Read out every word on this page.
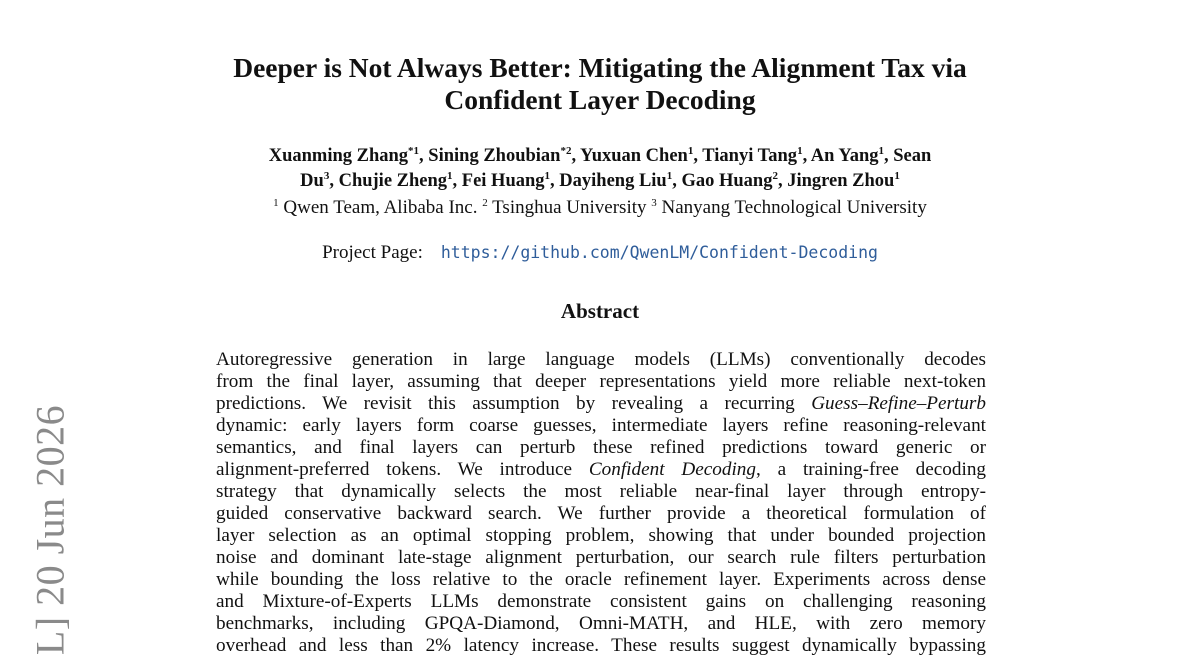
L] 20 Jun 2026
Deeper is Not Always Better: Mitigating the Alignment Tax via
Confident Layer Decoding
Xuanming Zhang$^{*1}$, Sining Zhoubian$^{*2}$, Yuxuan Chen$^1$, Tianyi Tang$^1$, An Yang$^1$, Sean
Du$^3$, Chujie Zheng$^1$, Fei Huang$^1$, Dayiheng Liu$^1$, Gao Huang$^2$, Jingren Zhou$^1$
$^1$ Qwen Team, Alibaba Inc. $^2$ Tsinghua University $^3$ Nanyang Technological University
Project Page: https://github.com/QwenLM/Confident-Decoding
Abstract
Autoregressive generation in large language models (LLMs) conventionally decodes
from the final layer, assuming that deeper representations yield more reliable next-token
predictions. We revisit this assumption by revealing a recurring Guess–Refine–Perturb
dynamic: early layers form coarse guesses, intermediate layers refine reasoning-relevant
semantics, and final layers can perturb these refined predictions toward generic or
alignment-preferred tokens. We introduce Confident Decoding, a training-free decoding
strategy that dynamically selects the most reliable near-final layer through entropy-
guided conservative backward search. We further provide a theoretical formulation of
layer selection as an optimal stopping problem, showing that under bounded projection
noise and dominant late-stage alignment perturbation, our search rule filters perturbation
while bounding the loss relative to the oracle refinement layer. Experiments across dense
and Mixture-of-Experts LLMs demonstrate consistent gains on challenging reasoning
benchmarks, including GPQA-Diamond, Omni-MATH, and HLE, with zero memory
overhead and less than 2% latency increase. These results suggest dynamically bypassing
